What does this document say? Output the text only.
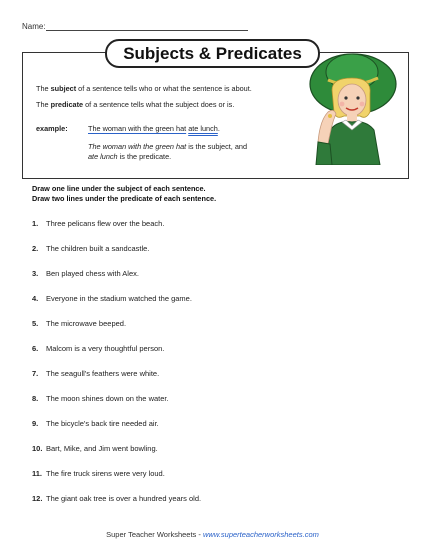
Name:
Subjects & Predicates
The subject of a sentence tells who or what the sentence is about.
The predicate of a sentence tells what the subject does or is.
example:	The woman with the green hat ate lunch.
The woman with the green hat is the subject, and
ate lunch is the predicate.
Draw one line under the subject of each sentence.
Draw two lines under the predicate of each sentence.
1. Three pelicans flew over the beach.
2. The children built a sandcastle.
3. Ben played chess with Alex.
4. Everyone in the stadium watched the game.
5. The microwave beeped.
6. Malcom is a very thoughtful person.
7. The seagull's feathers were white.
8. The moon shines down on the water.
9. The bicycle's back tire needed air.
10. Bart, Mike, and Jim went bowling.
11. The fire truck sirens were very loud.
12. The giant oak tree is over a hundred years old.
Super Teacher Worksheets - www.superteacherworksheets.com
